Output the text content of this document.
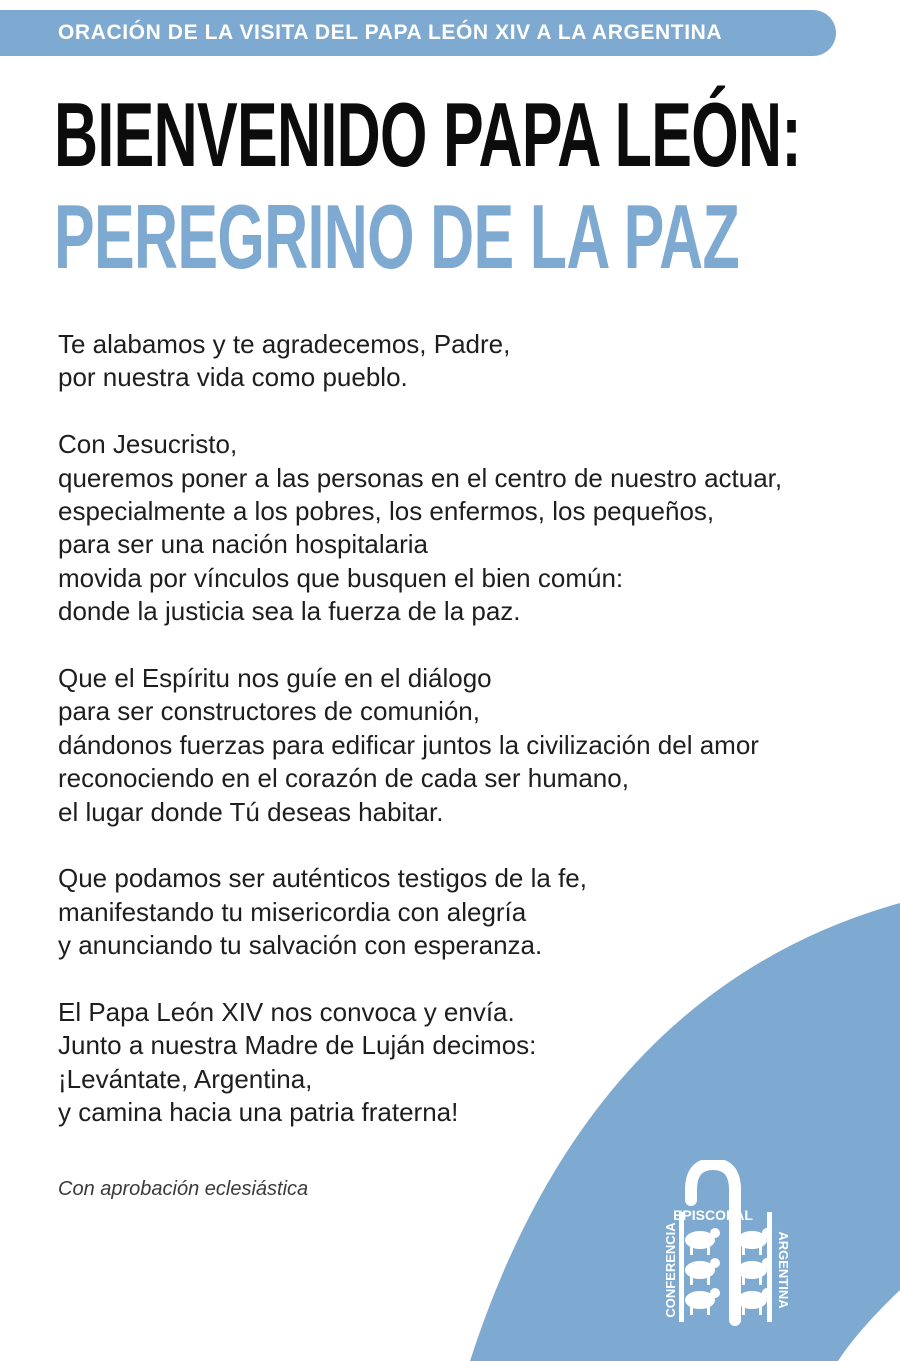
ORACIÓN DE LA VISITA DEL PAPA LEÓN XIV A LA ARGENTINA
BIENVENIDO PAPA LEÓN:
PEREGRINO DE LA PAZ
Te alabamos y te agradecemos, Padre,
por nuestra vida como pueblo.
Con Jesucristo,
queremos poner a las personas en el centro de nuestro actuar,
especialmente a los pobres, los enfermos, los pequeños,
para ser una nación hospitalaria
movida por vínculos que busquen el bien común:
donde la justicia sea la fuerza de la paz.
Que el Espíritu nos guíe en el diálogo
para ser constructores de comunión,
dándonos fuerzas para edificar juntos la civilización del amor
reconociendo en el corazón de cada ser humano,
el lugar donde Tú deseas habitar.
Que podamos ser auténticos testigos de la fe,
manifestando tu misericordia con alegría
y anunciando tu salvación con esperanza.
El Papa León XIV nos convoca y envía.
Junto a nuestra Madre de Luján decimos:
¡Levántate, Argentina,
y camina hacia una patria fraterna!
Con aprobación eclesiástica
EPISCOPAL
CONFERENCIA	ARGENTINA
